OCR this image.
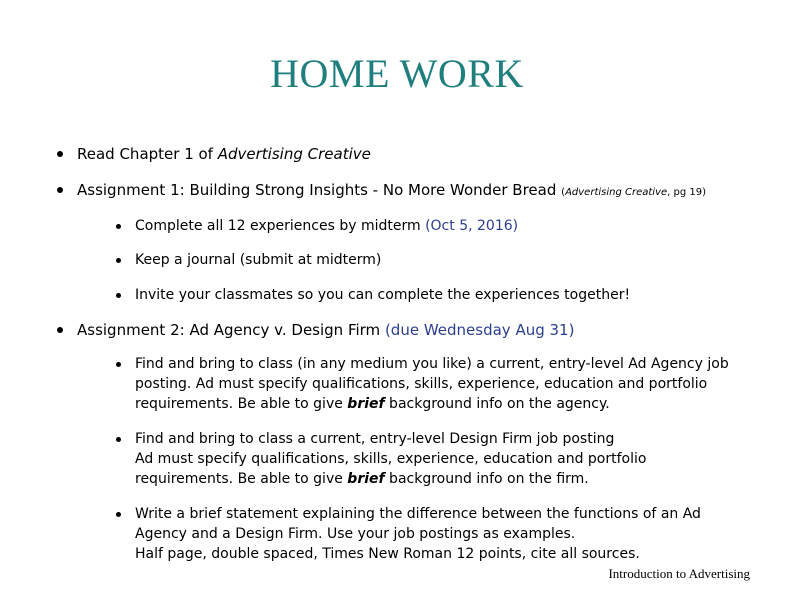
HOME WORK
Read Chapter 1 of Advertising Creative
Assignment 1: Building Strong Insights - No More Wonder Bread (Advertising Creative, pg 19)
Complete all 12 experiences by midterm (Oct 5, 2016)
Keep a journal (submit at midterm)
Invite your classmates so you can complete the experiences together!
Assignment 2: Ad Agency v. Design Firm (due Wednesday Aug 31)
Find and bring to class (in any medium you like) a current, entry-level Ad Agency job
posting. Ad must specify qualifications, skills, experience, education and portfolio
requirements. Be able to give brief background info on the agency.
Find and bring to class a current, entry-level Design Firm job posting
Ad must specify qualifications, skills, experience, education and portfolio
requirements. Be able to give brief background info on the firm.
Write a brief statement explaining the difference between the functions of an Ad
Agency and a Design Firm. Use your job postings as examples.
Half page, double spaced, Times New Roman 12 points, cite all sources.
Introduction to Advertising
